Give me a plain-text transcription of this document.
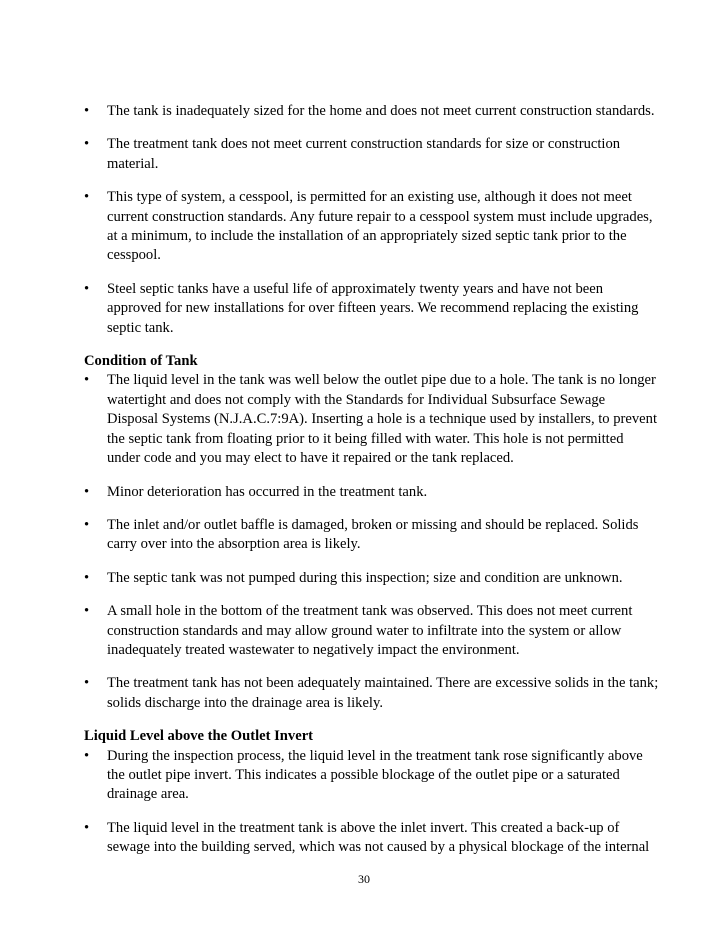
•	The tank is inadequately sized for the home and does not meet current construction standards.
•	The treatment tank does not meet current construction standards for size or construction material.
•	This type of system, a cesspool, is permitted for an existing use, although it does not meet current construction standards. Any future repair to a cesspool system must include upgrades, at a minimum, to include the installation of an appropriately sized septic tank prior to the cesspool.
•	Steel septic tanks have a useful life of approximately twenty years and have not been approved for new installations for over fifteen years. We recommend replacing the existing septic tank.
Condition of Tank
•	The liquid level in the tank was well below the outlet pipe due to a hole. The tank is no longer watertight and does not comply with the Standards for Individual Subsurface Sewage Disposal Systems (N.J.A.C.7:9A). Inserting a hole is a technique used by installers, to prevent the septic tank from floating prior to it being filled with water. This hole is not permitted under code and you may elect to have it repaired or the tank replaced.
•	Minor deterioration has occurred in the treatment tank.
•	The inlet and/or outlet baffle is damaged, broken or missing and should be replaced. Solids carry over into the absorption area is likely.
•	The septic tank was not pumped during this inspection; size and condition are unknown.
•	A small hole in the bottom of the treatment tank was observed. This does not meet current construction standards and may allow ground water to infiltrate into the system or allow inadequately treated wastewater to negatively impact the environment.
•	The treatment tank has not been adequately maintained. There are excessive solids in the tank; solids discharge into the drainage area is likely.
Liquid Level above the Outlet Invert
•	During the inspection process, the liquid level in the treatment tank rose significantly above the outlet pipe invert. This indicates a possible blockage of the outlet pipe or a saturated drainage area.
•	The liquid level in the treatment tank is above the inlet invert. This created a back-up of sewage into the building served, which was not caused by a physical blockage of the internal
30
